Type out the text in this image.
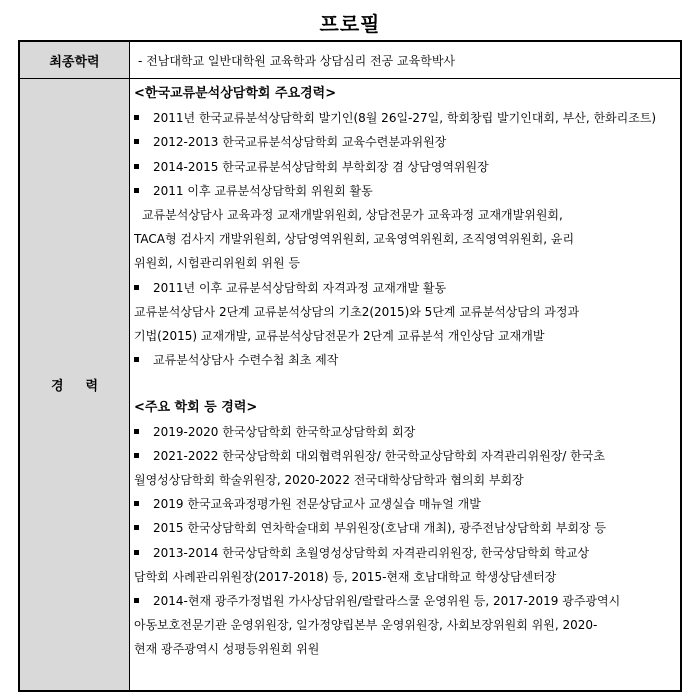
프로필
최종학력	- 전남대학교 일반대학원 교육학과 상담심리 전공 교육학박사
경력
<한국교류분석상담학회 주요경력>
2011년 한국교류분석상담학회 발기인(8월 26일-27일, 학회창립 발기인대회, 부산, 한화리조트)
2012-2013 한국교류분석상담학회 교육수련분과위원장
2014-2015 한국교류분석상담학회 부학회장 겸 상담영역위원장
2011 이후 교류분석상담학회 위원회 활동
교류분석상담사 교육과정 교재개발위원회, 상담전문가 교육과정 교재개발위원회,
TACA형 검사지 개발위원회, 상담영역위원회, 교육영역위원회, 조직영역위원회, 윤리
위원회, 시험관리위원회 위원 등
2011년 이후 교류분석상담학회 자격과정 교재개발 활동
교류분석상담사 2단계 교류분석상담의 기초2(2015)와 5단계 교류분석상담의 과정과
기법(2015) 교재개발, 교류분석상담전문가 2단계 교류분석 개인상담 교재개발
교류분석상담사 수련수첩 최초 제작
<주요 학회 등 경력>
2019-2020 한국상담학회 한국학교상담학회 회장
2021-2022 한국상담학회 대외협력위원장/ 한국학교상담학회 자격관리위원장/ 한국초
월영성상담학회 학술위원장, 2020-2022 전국대학상담학과 협의회 부회장
2019 한국교육과정평가원 전문상담교사 교생실습 매뉴얼 개발
2015 한국상담학회 연차학술대회 부위원장(호남대 개최), 광주전남상담학회 부회장 등
2013-2014 한국상담학회 초월영성상담학회 자격관리위원장, 한국상담학회 학교상
담학회 사례관리위원장(2017-2018) 등, 2015-현재 호남대학교 학생상담센터장
2014-현재 광주가정법원 가사상담위원/랄랄라스쿨 운영위원 등, 2017-2019 광주광역시
아동보호전문기관 운영위원장, 일가정양립본부 운영위원장, 사회보장위원회 위원, 2020-
현재 광주광역시 성평등위원회 위원
